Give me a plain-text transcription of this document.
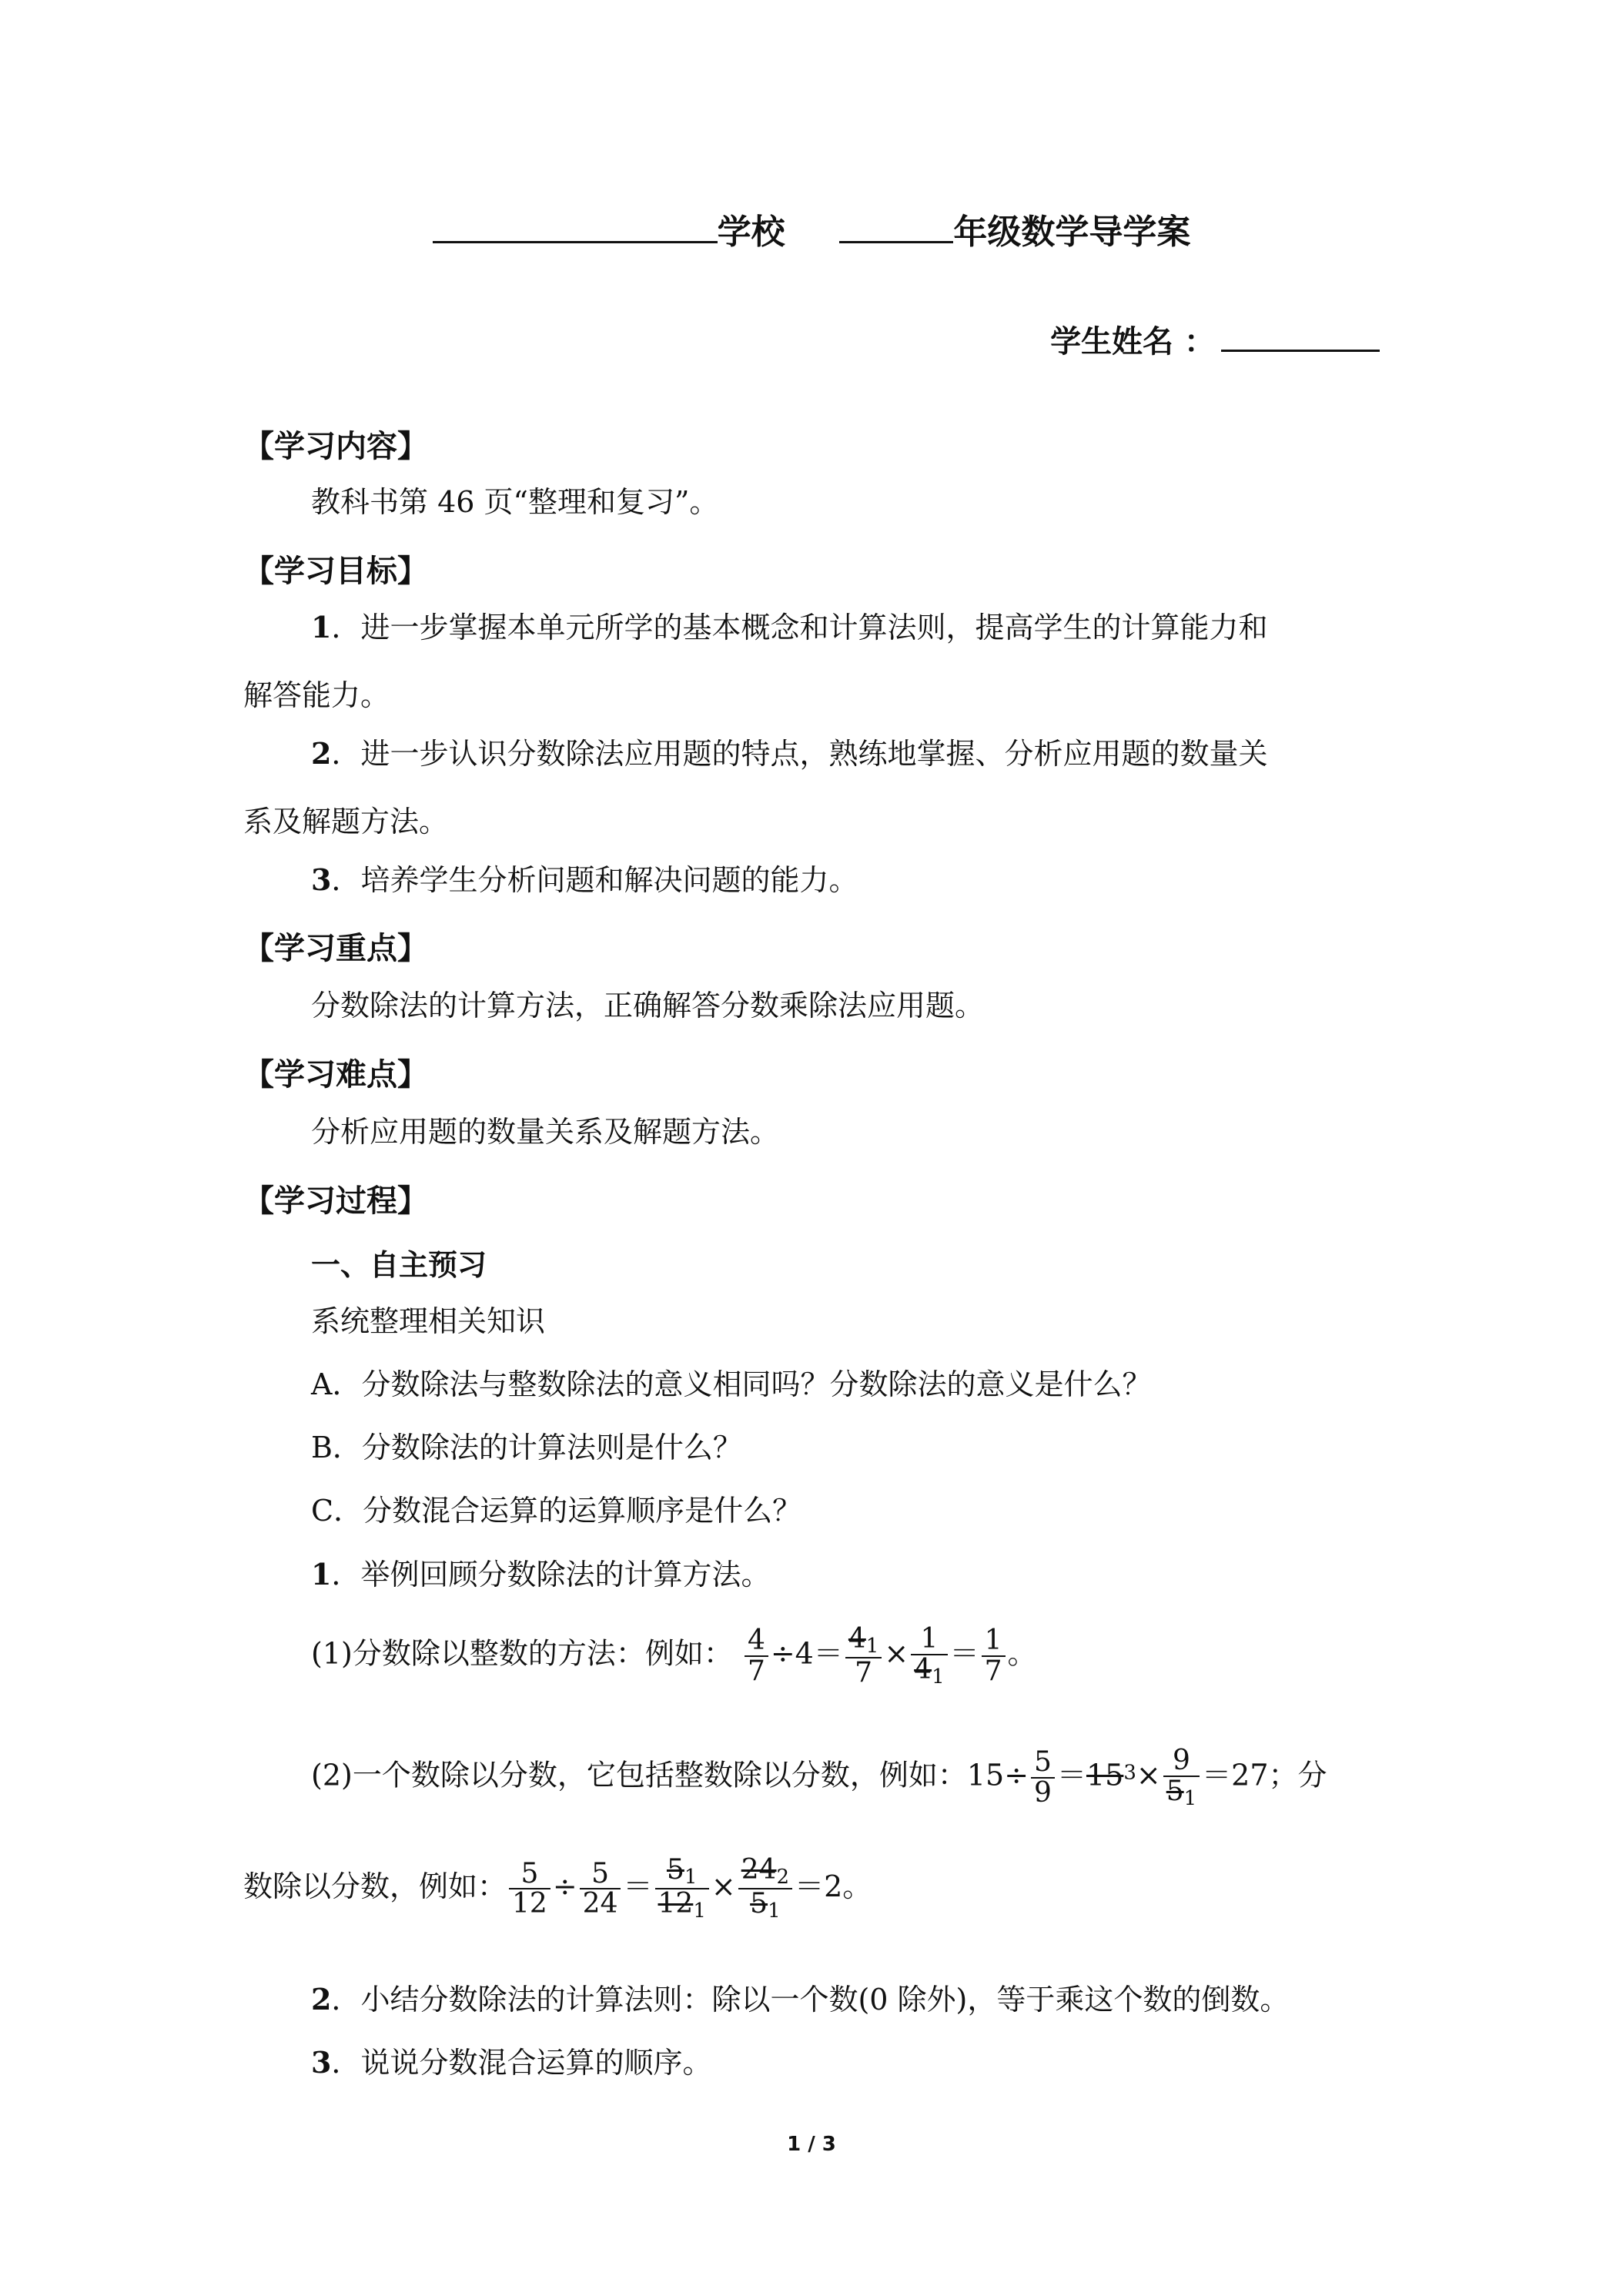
学校	年级数学导学案
学生姓名 ：
【学习内容】
教科书第 46 页“整理和复习”。
【学习目标】
1．进一步掌握本单元所学的基本概念和计算法则，提高学生的计算能力和
解答能力。
2．进一步认识分数除法应用题的特点，熟练地掌握、分析应用题的数量关
系及解题方法。
3．培养学生分析问题和解决问题的能力。
【学习重点】
分数除法的计算方法，正确解答分数乘除法应用题。
【学习难点】
分析应用题的数量关系及解题方法。
【学习过程】
一、自主预习
系统整理相关知识
A．分数除法与整数除法的意义相同吗？分数除法的意义是什么？
B．分数除法的计算法则是什么？
C．分数混合运算的运算顺序是什么？
1．举例回顾分数除法的计算方法。
(1)分数除以整数的方法：例如： $\frac{4}{7} \div 4= \frac{41}{7} \times \frac{1}{41} = \frac{1}{7}$ 。
(2)一个数除以分数，它包括整数除以分数，例如：$15\div \frac{5}{9} =15^3\times \frac{9}{51} =27$；分
数除以分数，例如： $\frac{5}{12} \div \frac{5}{24} = \frac{51}{121} \times \frac{242}{51} =2$。
2．小结分数除法的计算法则：除以一个数(0 除外)，等于乘这个数的倒数。
3．说说分数混合运算的顺序。
1 / 3
